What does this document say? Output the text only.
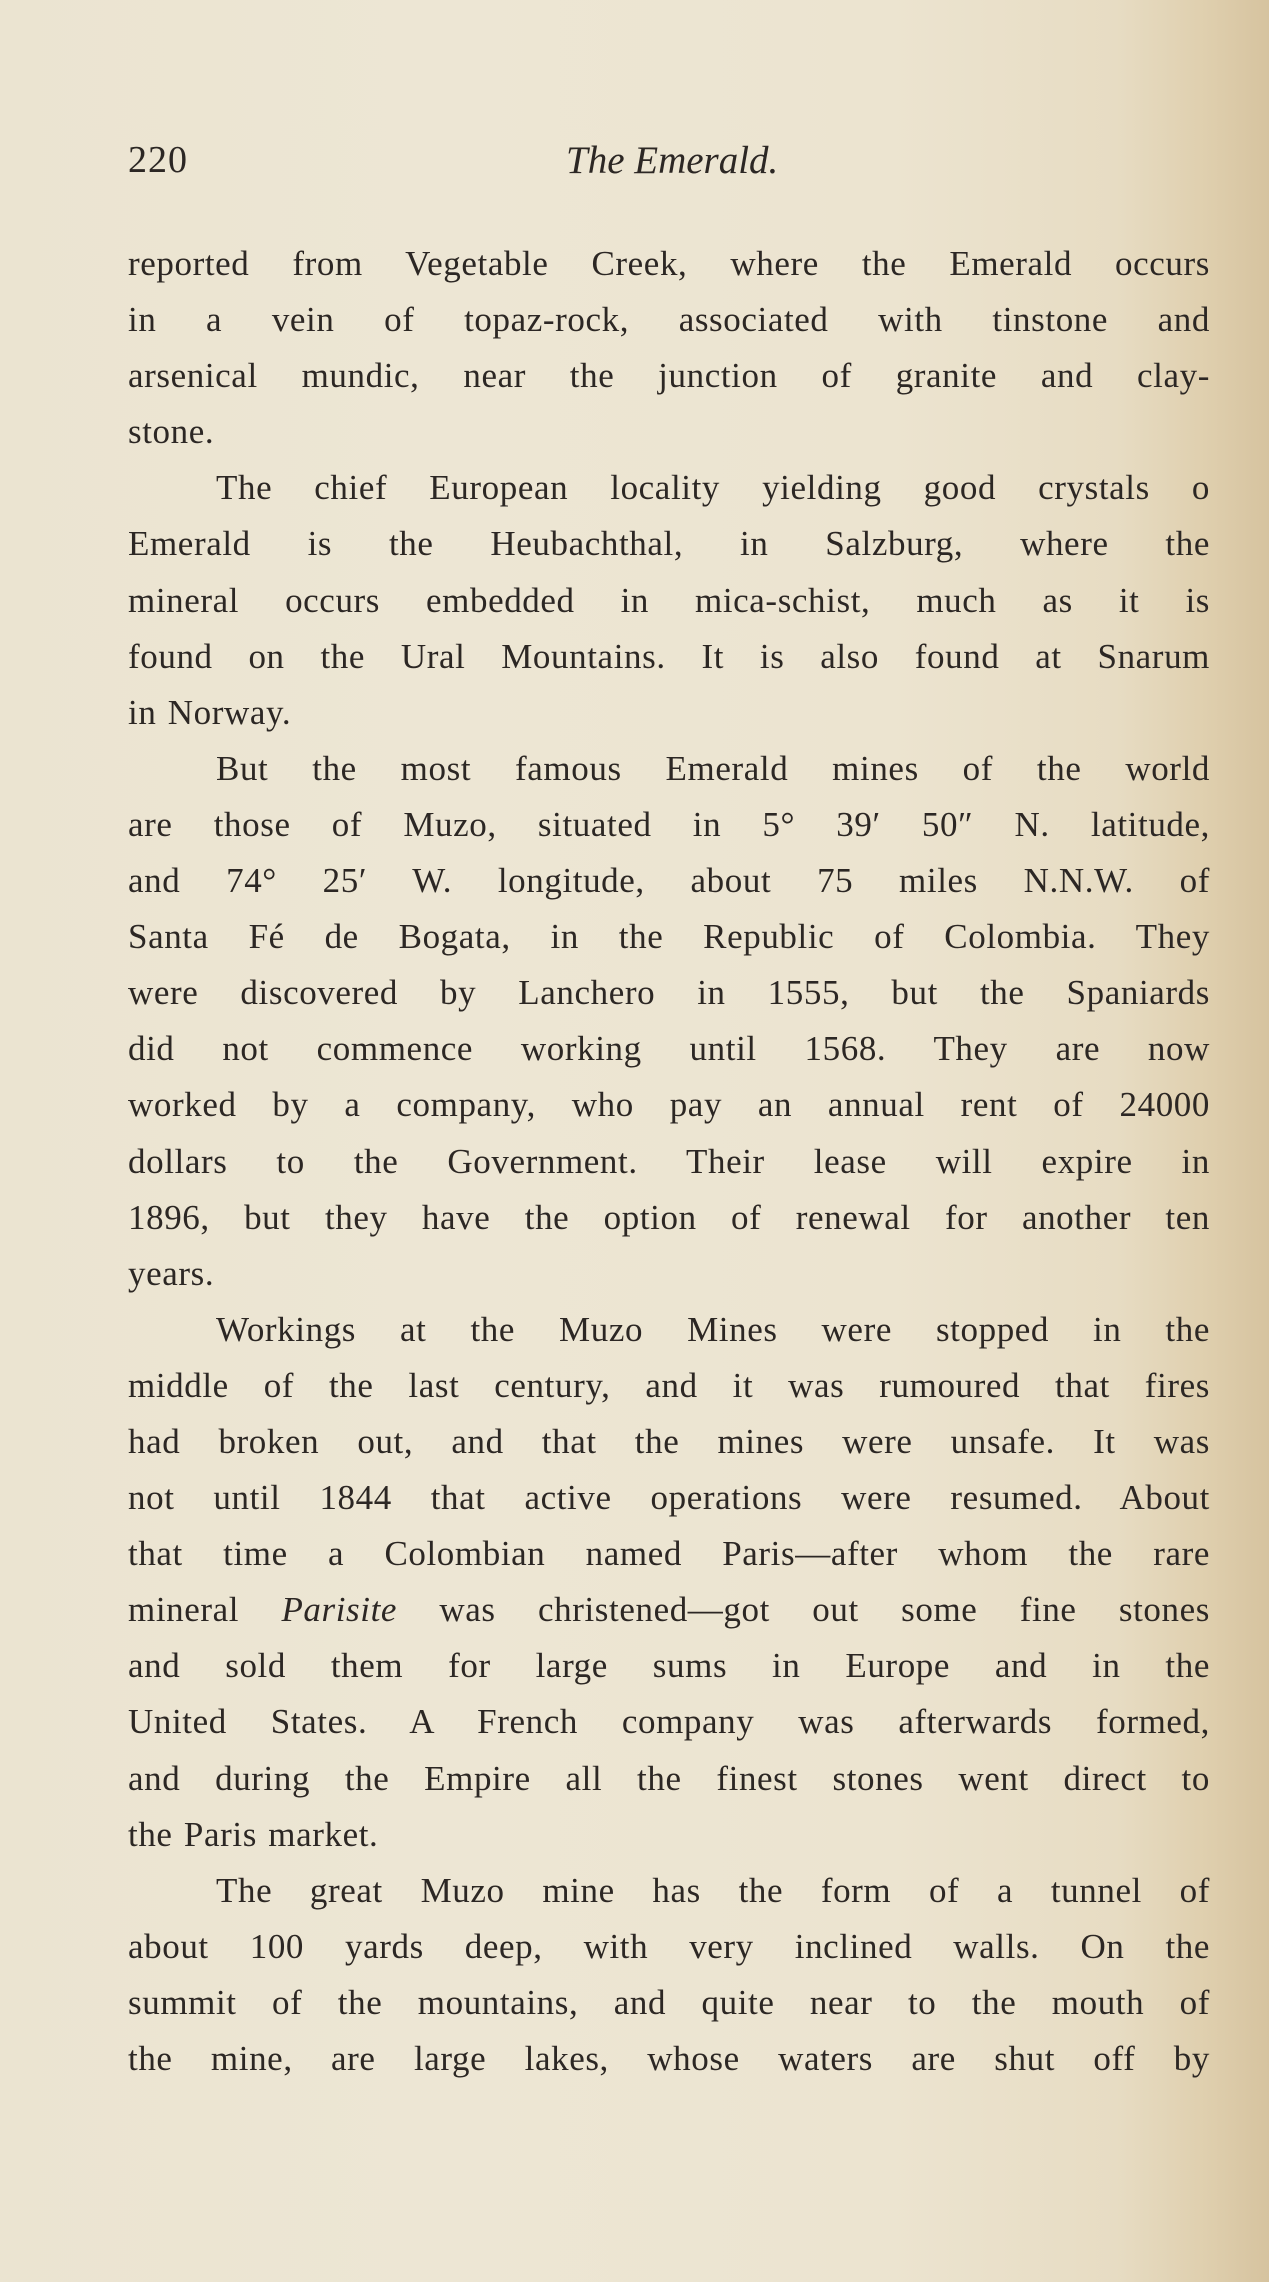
220	The Emerald.
reported from Vegetable Creek, where the Emerald occurs
in a vein of topaz-rock, associated with tinstone and
arsenical mundic, near the junction of granite and clay-
stone.
The chief European locality yielding good crystals o
Emerald is the Heubachthal, in Salzburg, where the
mineral occurs embedded in mica-schist, much as it is
found on the Ural Mountains. It is also found at Snarum
in Norway.
But the most famous Emerald mines of the world
are those of Muzo, situated in 5° 39′ 50″ N. latitude,
and 74° 25′ W. longitude, about 75 miles N.N.W. of
Santa Fé de Bogata, in the Republic of Colombia. They
were discovered by Lanchero in 1555, but the Spaniards
did not commence working until 1568. They are now
worked by a company, who pay an annual rent of 24000
dollars to the Government. Their lease will expire in
1896, but they have the option of renewal for another ten
years.
Workings at the Muzo Mines were stopped in the
middle of the last century, and it was rumoured that fires
had broken out, and that the mines were unsafe. It was
not until 1844 that active operations were resumed. About
that time a Colombian named Paris—after whom the rare
mineral Parisite was christened—got out some fine stones
and sold them for large sums in Europe and in the
United States. A French company was afterwards formed,
and during the Empire all the finest stones went direct to
the Paris market.
The great Muzo mine has the form of a tunnel of
about 100 yards deep, with very inclined walls. On the
summit of the mountains, and quite near to the mouth of
the mine, are large lakes, whose waters are shut off by
